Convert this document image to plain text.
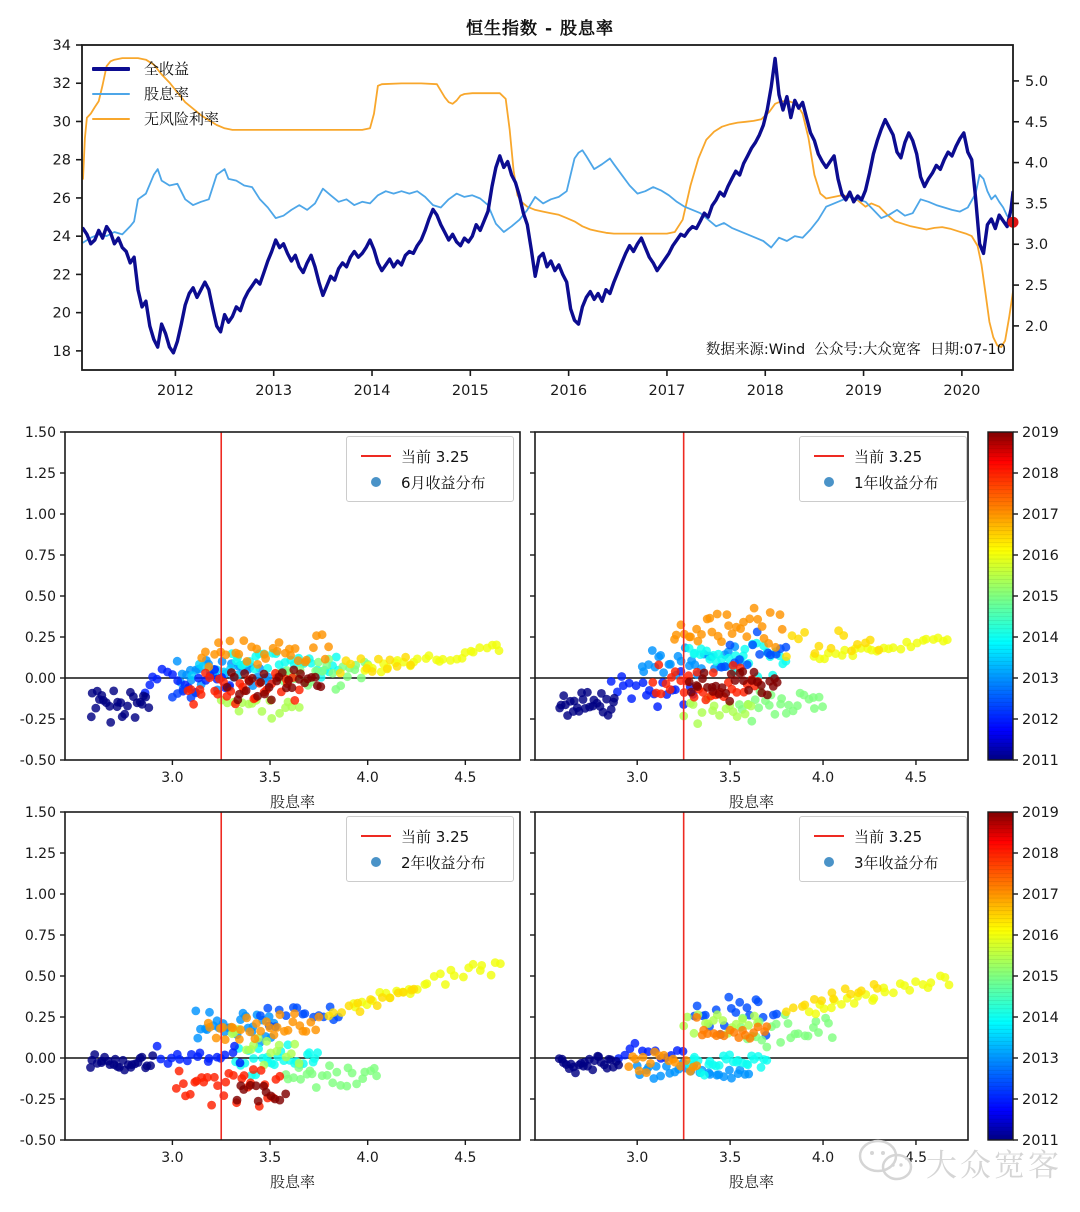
18
20
22
24
26
28
30
32
34
2.0
2.5
3.0
3.5
4.0
4.5
5.0
2012	2013	2014	2015	2016	2017	2018	2019	2020
-0.50
-0.25
0.00
0.25
0.50
0.75
1.00
1.25
1.50
3.0	3.5	4.0	4.5
股息率
3.0	3.5	4.0	4.5
股息率
-0.50
-0.25
0.00
0.25
0.50
0.75
1.00
1.25
1.50
3.0	3.5	4.0	4.5
股息率
3.0	3.5	4.0	4.5
股息率
2011
2012
2013
2014
2015
2016
2017
2018
2019
2011
2012
2013
2014
2015
2016
2017
2018
2019
恒生指数 - 股息率
全收益
股息率
无风险利率
数据来源:Wind  公众号:大众宽客  日期:07-10
当前 3.25
6月收益分布
当前 3.25
1年收益分布
当前 3.25
2年收益分布
当前 3.25
3年收益分布
大众宽客
